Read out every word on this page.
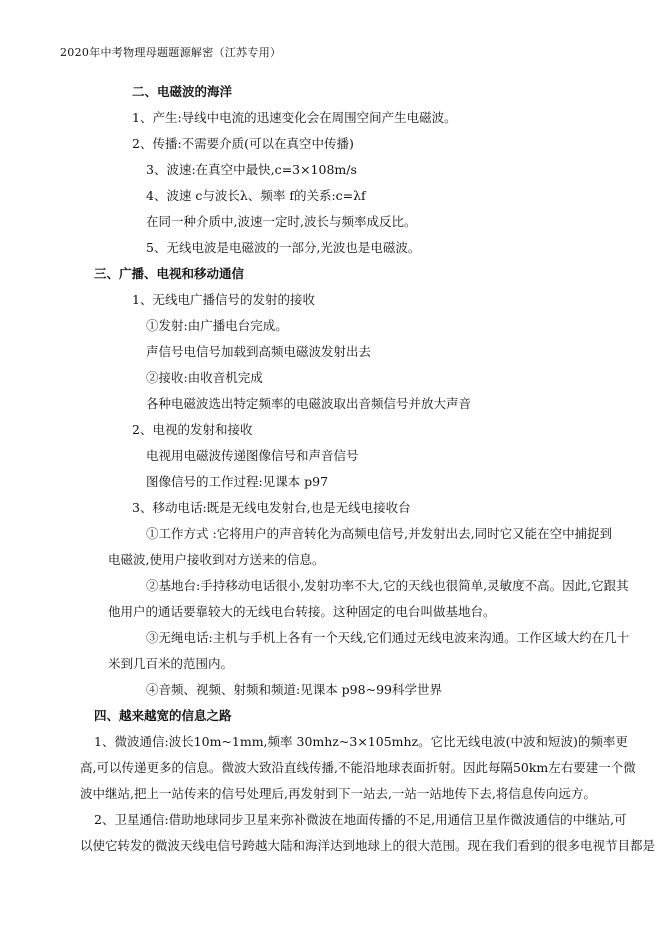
2020年中考物理母题题源解密（江苏专用）
二、电磁波的海洋
1、产生:导线中电流的迅速变化会在周围空间产生电磁波。
2、传播:不需要介质(可以在真空中传播)
3、波速:在真空中最快,c=3×108m/s
4、波速 c与波长λ、频率 f的关系:c=λf
在同一种介质中,波速一定时,波长与频率成反比。
5、无线电波是电磁波的一部分,光波也是电磁波。
三、广播、电视和移动通信
1、无线电广播信号的发射的接收
①发射:由广播电台完成。
声信号电信号加载到高频电磁波发射出去
②接收:由收音机完成
各种电磁波选出特定频率的电磁波取出音频信号并放大声音
2、电视的发射和接收
电视用电磁波传递图像信号和声音信号
图像信号的工作过程:见课本 p97
3、移动电话:既是无线电发射台,也是无线电接收台
①工作方式 :它将用户的声音转化为高频电信号,并发射出去,同时它又能在空中捕捉到
电磁波,使用户接收到对方送来的信息。
②基地台:手持移动电话很小,发射功率不大,它的天线也很简单,灵敏度不高。因此,它跟其
他用户的通话要靠较大的无线电台转接。这种固定的电台叫做基地台。
③无绳电话:主机与手机上各有一个天线,它们通过无线电波来沟通。工作区域大约在几十
米到几百米的范围内。
④音频、视频、射频和频道:见课本 p98~99科学世界
四、越来越宽的信息之路
1、微波通信:波长10m~1mm,频率 30mhz~3×105mhz。它比无线电波(中波和短波)的频率更
高,可以传递更多的信息。微波大致沿直线传播,不能沿地球表面折射。因此每隔50km左右要建一个微
波中继站,把上一站传来的信号处理后,再发射到下一站去,一站一站地传下去,将信息传向远方。
2、卫星通信:借助地球同步卫星来弥补微波在地面传播的不足,用通信卫星作微波通信的中继站,可
以使它转发的微波天线电信号跨越大陆和海洋达到地球上的很大范围。现在我们看到的很多电视节目都是
